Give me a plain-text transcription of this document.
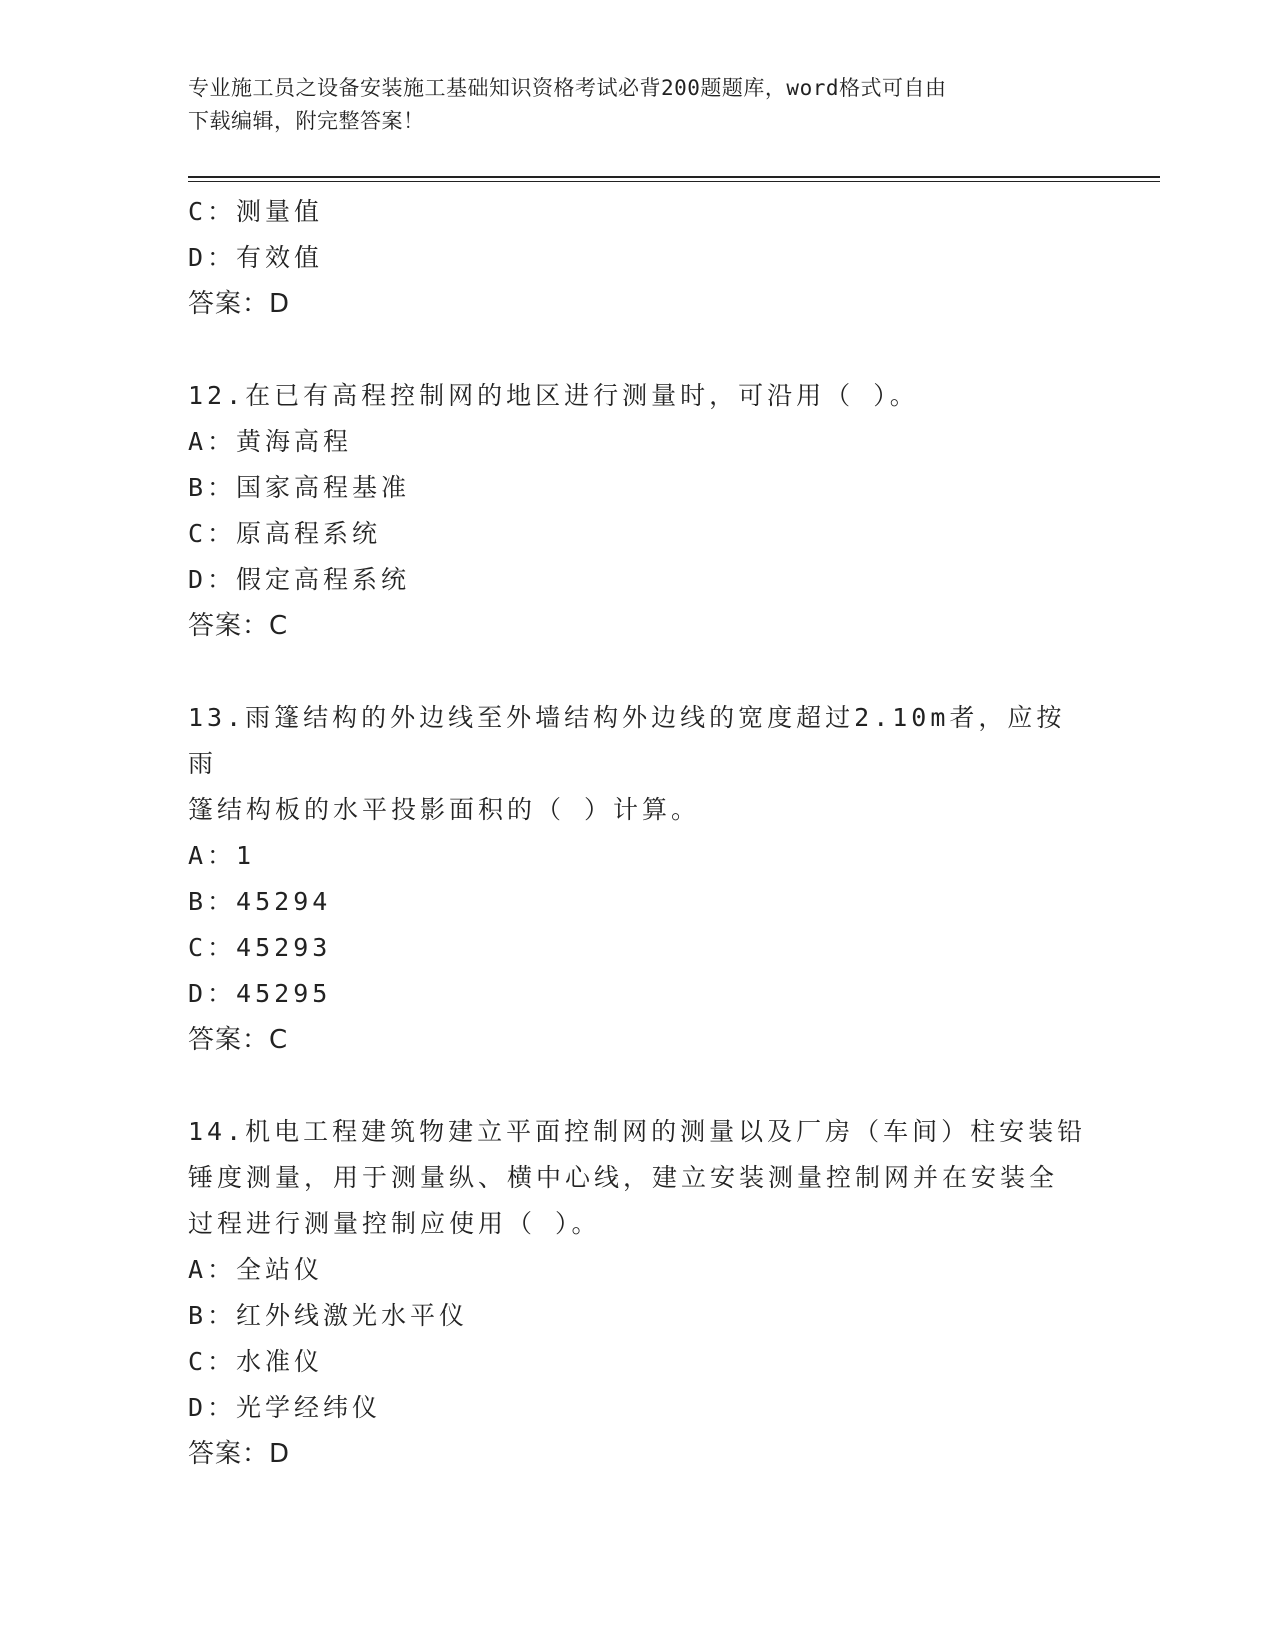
专业施工员之设备安装施工基础知识资格考试必背200题题库，word格式可自由
下载编辑，附完整答案！
C：测量值
D：有效值
答案：D
12.在已有高程控制网的地区进行测量时，可沿用（ ）。
A：黄海高程
B：国家高程基准
C：原高程系统
D：假定高程系统
答案：C
13.雨篷结构的外边线至外墙结构外边线的宽度超过2.10m者，应按雨
篷结构板的水平投影面积的（ ）计算。
A：1
B：45294
C：45293
D：45295
答案：C
14.机电工程建筑物建立平面控制网的测量以及厂房（车间）柱安装铅
锤度测量，用于测量纵、横中心线，建立安装测量控制网并在安装全
过程进行测量控制应使用（ ）。
A：全站仪
B：红外线激光水平仪
C：水准仪
D：光学经纬仪
答案：D
